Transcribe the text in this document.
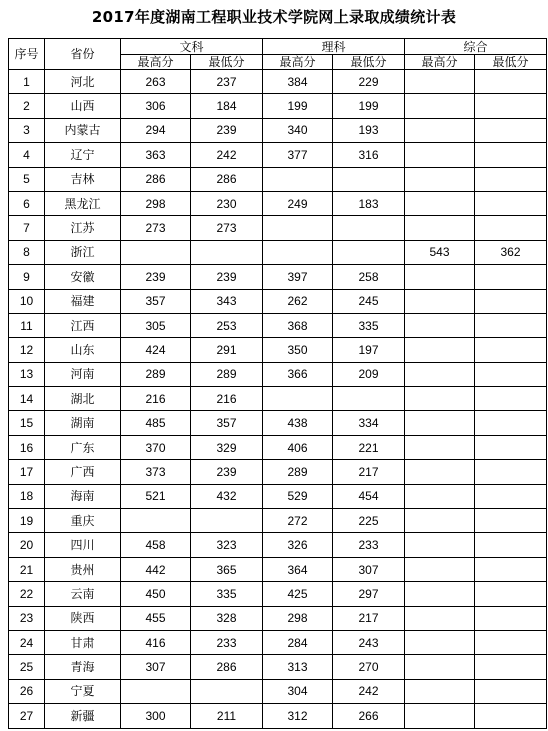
2017年度湖南工程职业技术学院网上录取成绩统计表
序号	省份	文科		理科		综合	
		最高分	最低分	最高分	最低分	最高分	最低分
1	河北	263	237	384	229		
2	山西	306	184	199	199		
3	内蒙古	294	239	340	193		
4	辽宁	363	242	377	316		
5	吉林	286	286				
6	黑龙江	298	230	249	183		
7	江苏	273	273				
8	浙江					543	362
9	安徽	239	239	397	258		
10	福建	357	343	262	245		
11	江西	305	253	368	335		
12	山东	424	291	350	197		
13	河南	289	289	366	209		
14	湖北	216	216				
15	湖南	485	357	438	334		
16	广东	370	329	406	221		
17	广西	373	239	289	217		
18	海南	521	432	529	454		
19	重庆			272	225		
20	四川	458	323	326	233		
21	贵州	442	365	364	307		
22	云南	450	335	425	297		
23	陕西	455	328	298	217		
24	甘肃	416	233	284	243		
25	青海	307	286	313	270		
26	宁夏			304	242		
27	新疆	300	211	312	266		
